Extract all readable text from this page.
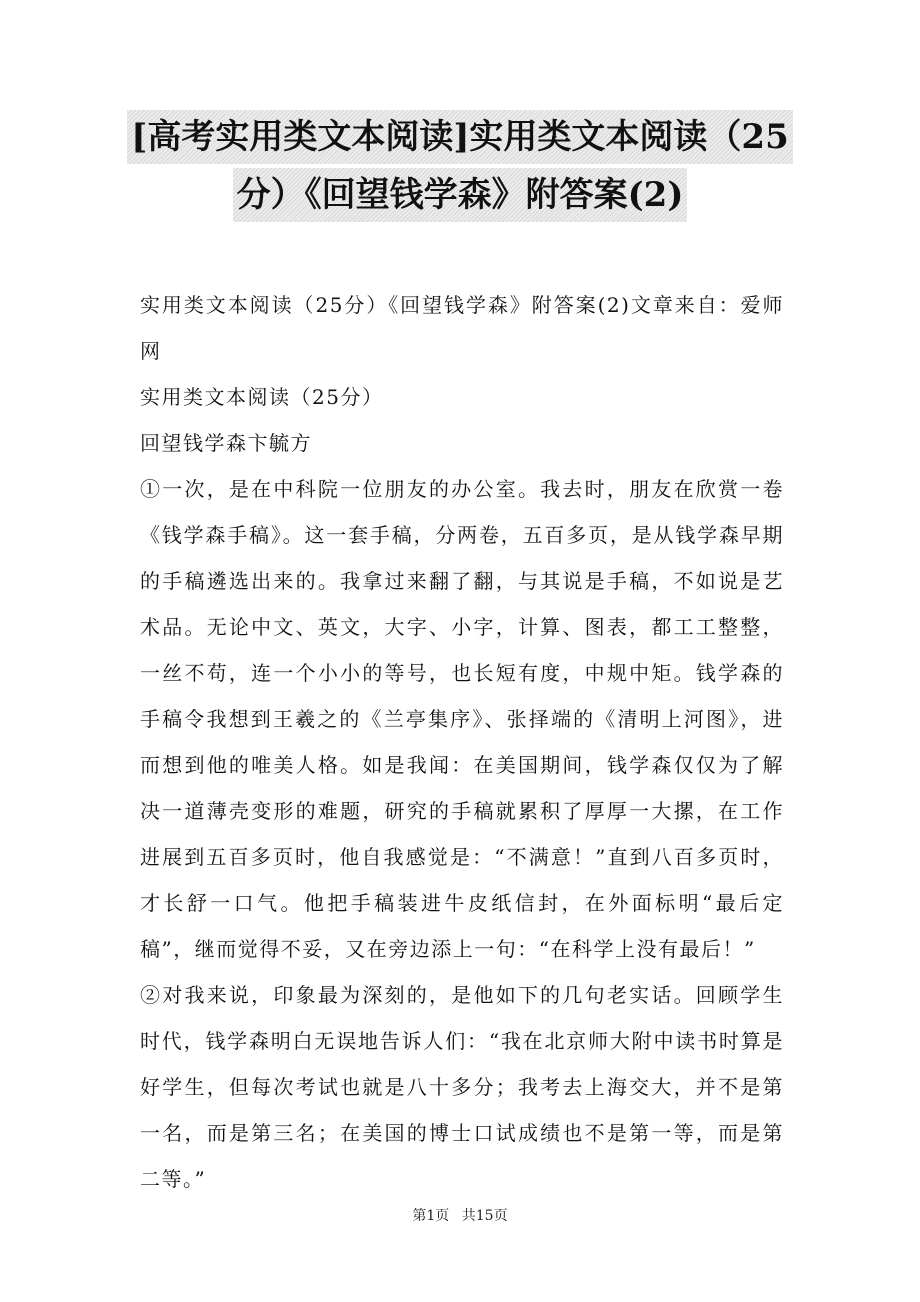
[高考实用类文本阅读]实用类文本阅读（25
分）《回望钱学森》附答案(2)

实用类文本阅读（25分）《回望钱学森》附答案(2)文章来自：爱师网

实用类文本阅读（25分）

回望钱学森卞毓方

①一次，是在中科院一位朋友的办公室。我去时，朋友在欣赏一卷《钱学森手稿》。这一套手稿，分两卷，五百多页，是从钱学森早期的手稿遴选出来的。我拿过来翻了翻，与其说是手稿，不如说是艺术品。无论中文、英文，大字、小字，计算、图表，都工工整整，一丝不苟，连一个小小的等号，也长短有度，中规中矩。钱学森的手稿令我想到王羲之的《兰亭集序》、张择端的《清明上河图》，进而想到他的唯美人格。如是我闻：在美国期间，钱学森仅仅为了解决一道薄壳变形的难题，研究的手稿就累积了厚厚一大摞，在工作进展到五百多页时，他自我感觉是：“不满意！”直到八百多页时，才长舒一口气。他把手稿装进牛皮纸信封，在外面标明“最后定稿”，继而觉得不妥，又在旁边添上一句：“在科学上没有最后！”

②对我来说，印象最为深刻的，是他如下的几句老实话。回顾学生时代，钱学森明白无误地告诉人们：“我在北京师大附中读书时算是好学生，但每次考试也就是八十多分；我考去上海交大，并不是第一名，而是第三名；在美国的博士口试成绩也不是第一等，而是第二等。”

第1页 共15页
